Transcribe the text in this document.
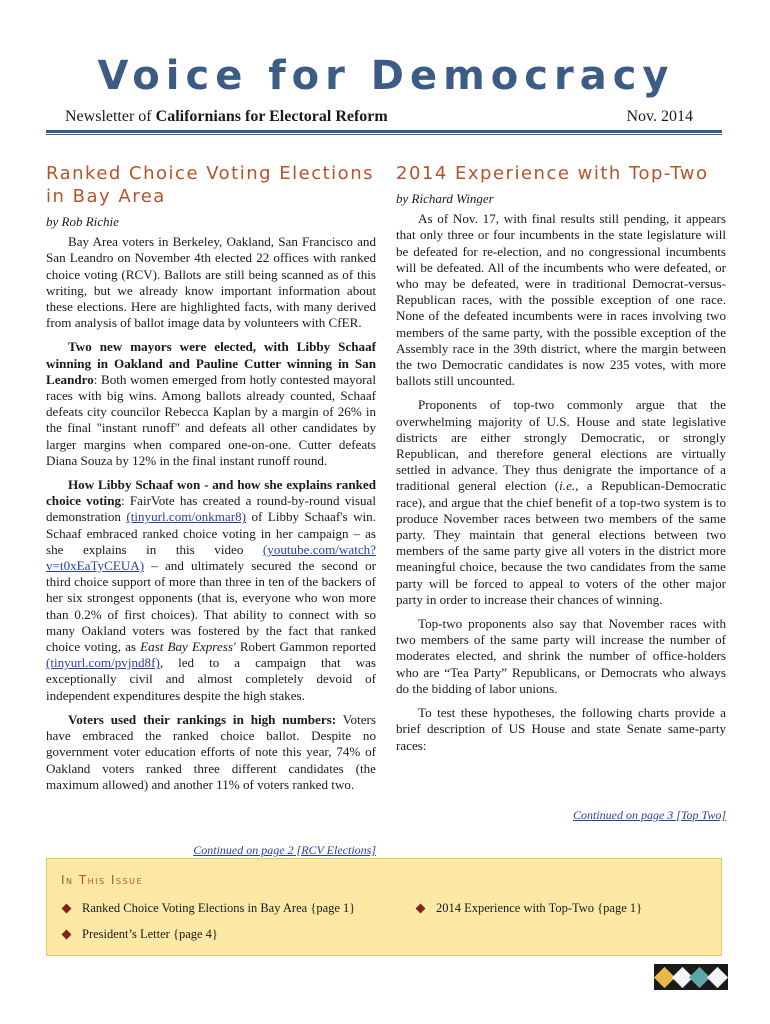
Voice for Democracy
Newsletter of Californians for Electoral Reform	Nov. 2014
Ranked Choice Voting Elections in Bay Area
by Rob Richie

Bay Area voters in Berkeley, Oakland, San Francisco and San Leandro on November 4th elected 22 offices with ranked choice voting (RCV). Ballots are still being scanned as of this writing, but we already know important information about these elections. Here are highlighted facts, with many derived from analysis of ballot image data by volunteers with CfER.

Two new mayors were elected, with Libby Schaaf winning in Oakland and Pauline Cutter winning in San Leandro: Both women emerged from hotly contested mayoral races with big wins. Among ballots already counted, Schaaf defeats city councilor Rebecca Kaplan by a margin of 26% in the final "instant runoff" and defeats all other candidates by larger margins when compared one-on-one. Cutter defeats Diana Souza by 12% in the final instant runoff round.

How Libby Schaaf won - and how she explains ranked choice voting: FairVote has created a round-by-round visual demonstration (tinyurl.com/onkmar8) of Libby Schaaf's win. Schaaf embraced ranked choice voting in her campaign – as she explains in this video (youtube.com/watch?v=t0xEaTyCEUA) – and ultimately secured the second or third choice support of more than three in ten of the backers of her six strongest opponents (that is, everyone who won more than 0.2% of first choices). That ability to connect with so many Oakland voters was fostered by the fact that ranked choice voting, as East Bay Express' Robert Gammon reported (tinyurl.com/pvjnd8f), led to a campaign that was exceptionally civil and almost completely devoid of independent expenditures despite the high stakes.

Voters used their rankings in high numbers: Voters have embraced the ranked choice ballot. Despite no government voter education efforts of note this year, 74% of Oakland voters ranked three different candidates (the maximum allowed) and another 11% of voters ranked two.

Continued on page 2 [RCV Elections]
2014 Experience with Top-Two
by Richard Winger

As of Nov. 17, with final results still pending, it appears that only three or four incumbents in the state legislature will be defeated for re-election, and no congressional incumbents will be defeated. All of the incumbents who were defeated, or who may be defeated, were in traditional Democrat-versus-Republican races, with the possible exception of one race. None of the defeated incumbents were in races involving two members of the same party, with the possible exception of the Assembly race in the 39th district, where the margin between the two Democratic candidates is now 235 votes, with more ballots still uncounted.

Proponents of top-two commonly argue that the overwhelming majority of U.S. House and state legislative districts are either strongly Democratic, or strongly Republican, and therefore general elections are virtually settled in advance. They thus denigrate the importance of a traditional general election (i.e., a Republican-Democratic race), and argue that the chief benefit of a top-two system is to produce November races between two members of the same party. They maintain that general elections between two members of the same party give all voters in the district more meaningful choice, because the two candidates from the same party will be forced to appeal to voters of the other major party in order to increase their chances of winning.

Top-two proponents also say that November races with two members of the same party will increase the number of moderates elected, and shrink the number of office-holders who are “Tea Party” Republicans, or Democrats who always do the bidding of labor unions.

To test these hypotheses, the following charts provide a brief description of US House and state Senate same-party races:

Continued on page 3 [Top Two]
In This Issue
Ranked Choice Voting Elections in Bay Area {page 1}	2014 Experience with Top-Two {page 1}
President’s Letter {page 4}
